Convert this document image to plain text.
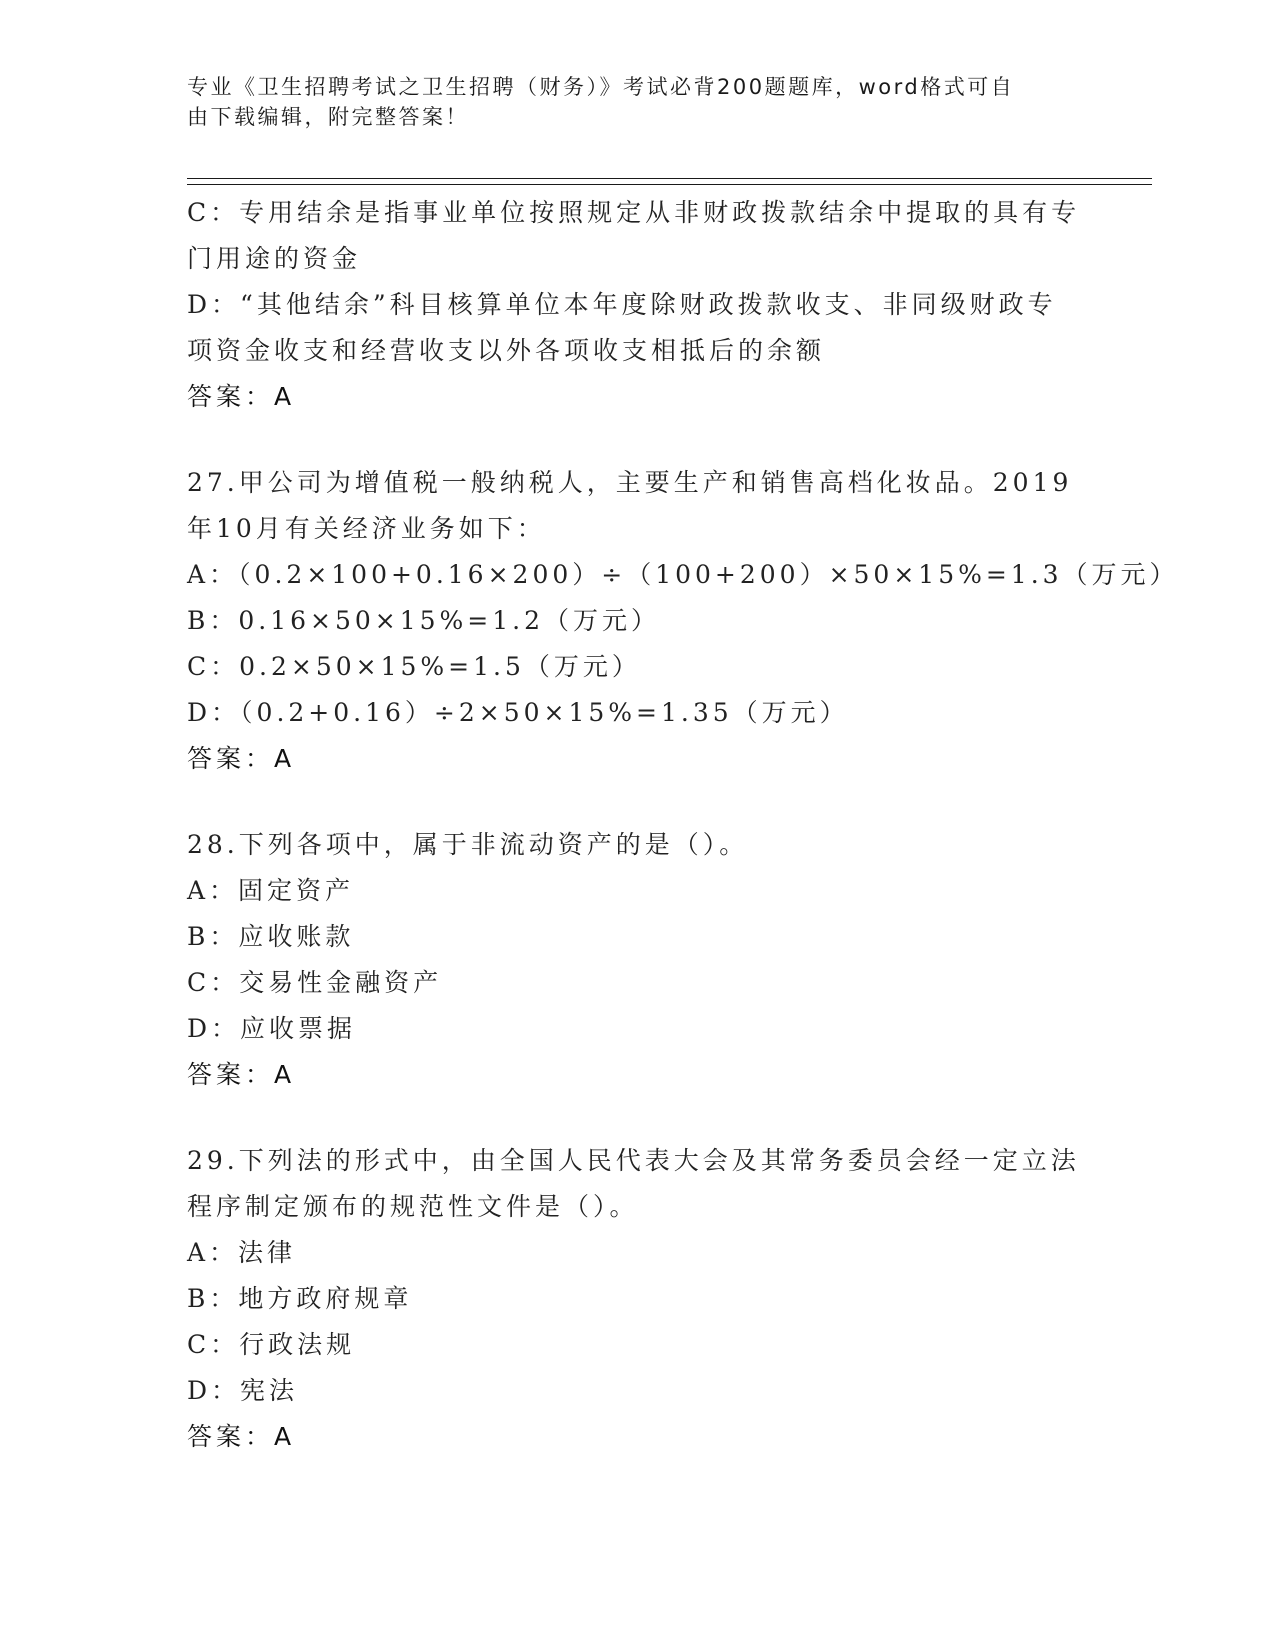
专业《卫生招聘考试之卫生招聘（财务）》考试必背200题题库，word格式可自
由下载编辑，附完整答案！
C：专用结余是指事业单位按照规定从非财政拨款结余中提取的具有专
门用途的资金
D：“其他结余”科目核算单位本年度除财政拨款收支、非同级财政专
项资金收支和经营收支以外各项收支相抵后的余额
答案：A
27.甲公司为增值税一般纳税人，主要生产和销售高档化妆品。2019
年10月有关经济业务如下：
A：（0.2×100+0.16×200）÷（100+200）×50×15%=1.3（万元）
B：0.16×50×15%=1.2（万元）
C：0.2×50×15%=1.5（万元）
D：（0.2+0.16）÷2×50×15%=1.35（万元）
答案：A
28.下列各项中，属于非流动资产的是（）。
A：固定资产
B：应收账款
C：交易性金融资产
D：应收票据
答案：A
29.下列法的形式中，由全国人民代表大会及其常务委员会经一定立法
程序制定颁布的规范性文件是（）。
A：法律
B：地方政府规章
C：行政法规
D：宪法
答案：A
